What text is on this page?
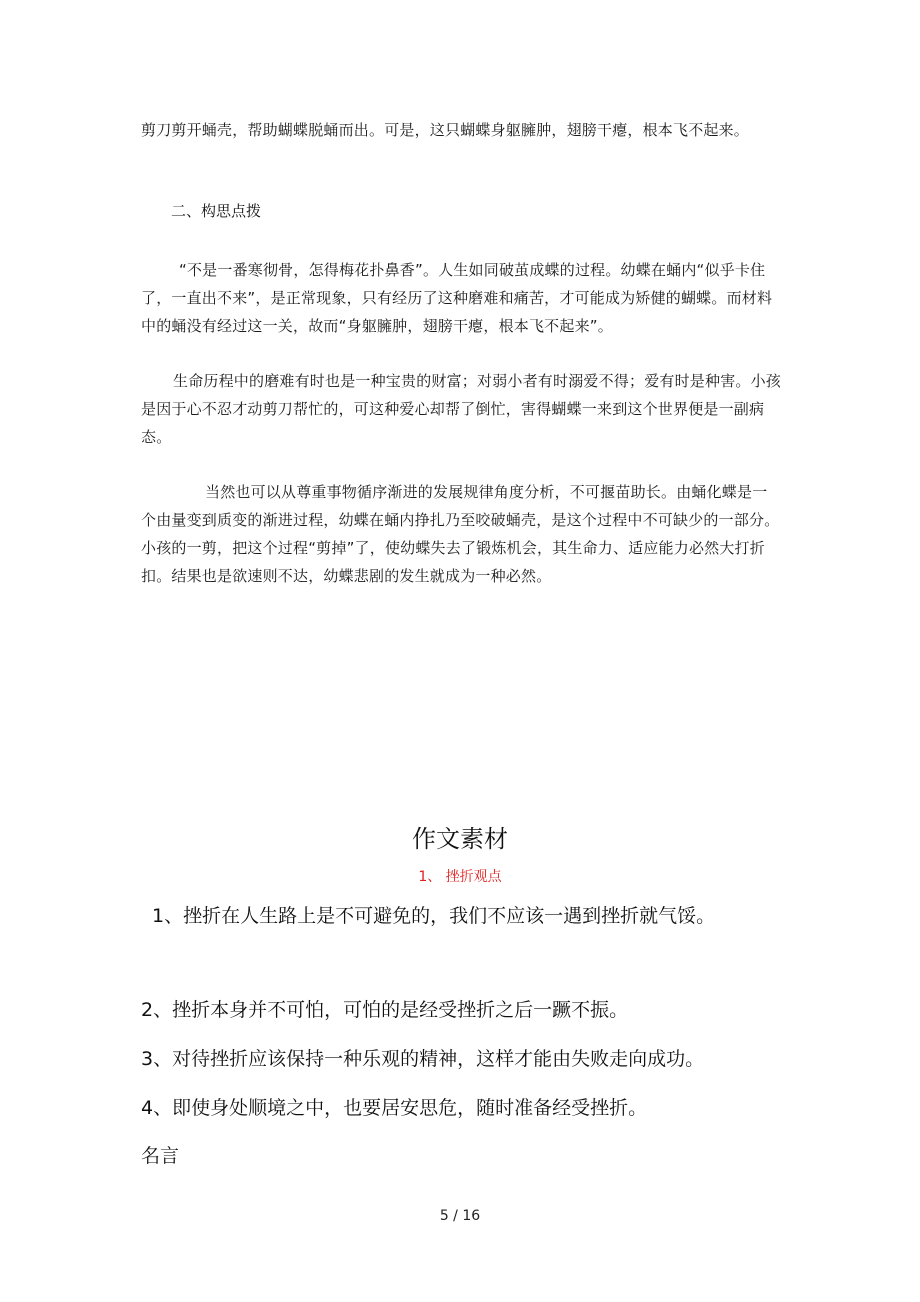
剪刀剪开蛹壳，帮助蝴蝶脱蛹而出。可是，这只蝴蝶身躯臃肿，翅膀干瘪，根本飞不起来。

二、构思点拨

“不是一番寒彻骨，怎得梅花扑鼻香”。人生如同破茧成蝶的过程。幼蝶在蛹内“似乎卡住了，一直出不来”，是正常现象，只有经历了这种磨难和痛苦，才可能成为矫健的蝴蝶。而材料中的蛹没有经过这一关，故而“身躯臃肿，翅膀干瘪，根本飞不起来”。

生命历程中的磨难有时也是一种宝贵的财富；对弱小者有时溺爱不得；爱有时是种害。小孩是因于心不忍才动剪刀帮忙的，可这种爱心却帮了倒忙，害得蝴蝶一来到这个世界便是一副病态。

当然也可以从尊重事物循序渐进的发展规律角度分析，不可揠苗助长。由蛹化蝶是一个由量变到质变的渐进过程，幼蝶在蛹内挣扎乃至咬破蛹壳，是这个过程中不可缺少的一部分。小孩的一剪，把这个过程“剪掉”了，使幼蝶失去了锻炼机会，其生命力、适应能力必然大打折扣。结果也是欲速则不达，幼蝶悲剧的发生就成为一种必然。

作文素材

1、 挫折观点

1、挫折在人生路上是不可避免的，我们不应该一遇到挫折就气馁。

2、挫折本身并不可怕，可怕的是经受挫折之后一蹶不振。

3、对待挫折应该保持一种乐观的精神，这样才能由失败走向成功。

4、即使身处顺境之中，也要居安思危，随时准备经受挫折。

名言

5 / 16
